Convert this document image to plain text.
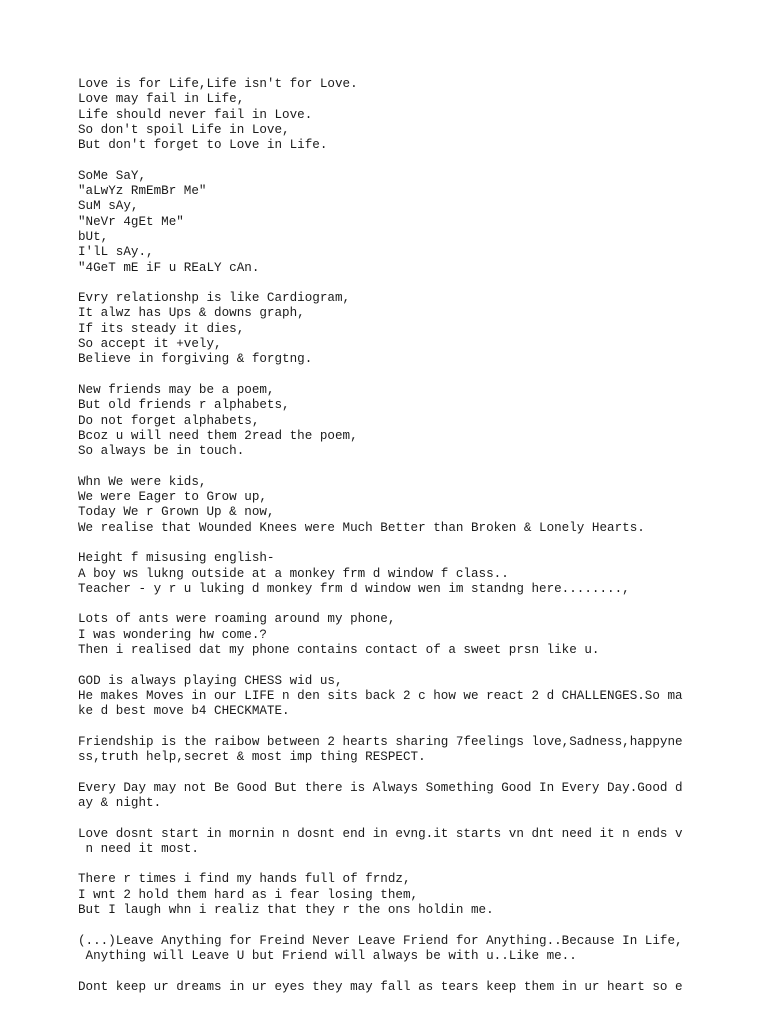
Love is for Life,Life isn't for Love.
Love may fail in Life,
Life should never fail in Love.
So don't spoil Life in Love,
But don't forget to Love in Life.
SoMe SaY,
"aLwYz RmEmBr Me"
SuM sAy,
"NeVr 4gEt Me"
bUt,
I'lL sAy.,
"4GeT mE iF u REaLY cAn.
Evry relationshp is like Cardiogram,
It alwz has Ups & downs graph,
If its steady it dies,
So accept it +vely,
Believe in forgiving & forgtng.
New friends may be a poem,
But old friends r alphabets,
Do not forget alphabets,
Bcoz u will need them 2read the poem,
So always be in touch.
Whn We were kids,
We were Eager to Grow up,
Today We r Grown Up & now,
We realise that Wounded Knees were Much Better than Broken & Lonely Hearts.
Height f misusing english-
A boy ws lukng outside at a monkey frm d window f class..
Teacher - y r u luking d monkey frm d window wen im standng here........,
Lots of ants were roaming around my phone,
I was wondering hw come.?
Then i realised dat my phone contains contact of a sweet prsn like u.
GOD is always playing CHESS wid us,
He makes Moves in our LIFE n den sits back 2 c how we react 2 d CHALLENGES.So ma
ke d best move b4 CHECKMATE.
Friendship is the raibow between 2 hearts sharing 7feelings love,Sadness,happyne
ss,truth help,secret & most imp thing RESPECT.
Every Day may not Be Good But there is Always Something Good In Every Day.Good d
ay & night.
Love dosnt start in mornin n dosnt end in evng.it starts vn dnt need it n ends v
n need it most.
There r times i find my hands full of frndz,
I wnt 2 hold them hard as i fear losing them,
But I laugh whn i realiz that they r the ons holdin me.
(...)Leave Anything for Freind Never Leave Friend for Anything..Because In Life,
Anything will Leave U but Friend will always be with u..Like me..
Dont keep ur dreams in ur eyes they may fall as tears keep them in ur heart so e
